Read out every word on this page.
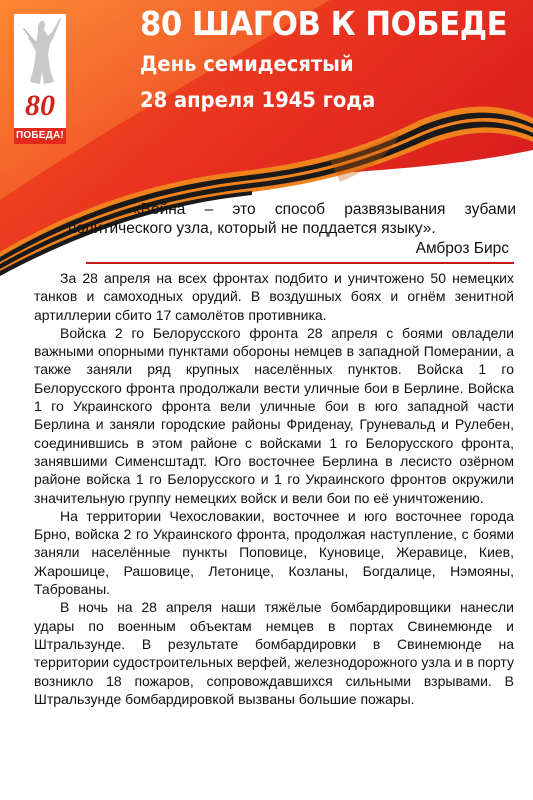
80
ПОБЕДА!
80 ШАГОВ К ПОБЕДЕ
День семидесятый
28 апреля 1945 года
«Война – это способ развязывания зубами политического узла, который не поддается языку».
Амброз Бирс

За 28 апреля на всех фронтах подбито и уничтожено 50 немецких танков и самоходных орудий. В воздушных боях и огнём зенитной артиллерии сбито 17 самолётов противника.

Войска 2 го Белорусского фронта 28 апреля с боями овладели важными опорными пунктами обороны немцев в западной Померании, а также заняли ряд крупных населённых пунктов. Войска 1 го Белорусского фронта продолжали вести уличные бои в Берлине. Войска 1 го Украинского фронта вели уличные бои в юго западной части Берлина и заняли городские районы Фриденау, Груневальд и Рулебен, соединившись в этом районе с войсками 1 го Белорусского фронта, занявшими Сименсштадт. Юго восточнее Берлина в лесисто озёрном районе войска 1 го Белорусского и 1 го Украинского фронтов окружили значительную группу немецких войск и вели бои по её уничтожению.

На территории Чехословакии, восточнее и юго восточнее города Брно, войска 2 го Украинского фронта, продолжая наступление, с боями заняли населённые пункты Поповице, Куновице, Жеравице, Киев, Жарошице, Рашовице, Летонице, Козланы, Богдалице, Нэмояны, Таброваны.

В ночь на 28 апреля наши тяжёлые бомбардировщики нанесли удары по военным объектам немцев в портах Свинемюнде и Штральзунде. В результате бомбардировки в Свинемюнде на территории судостроительных верфей, железнодорожного узла и в порту возникло 18 пожаров, сопровождавшихся сильными взрывами. В Штральзунде бомбардировкой вызваны большие пожары.
